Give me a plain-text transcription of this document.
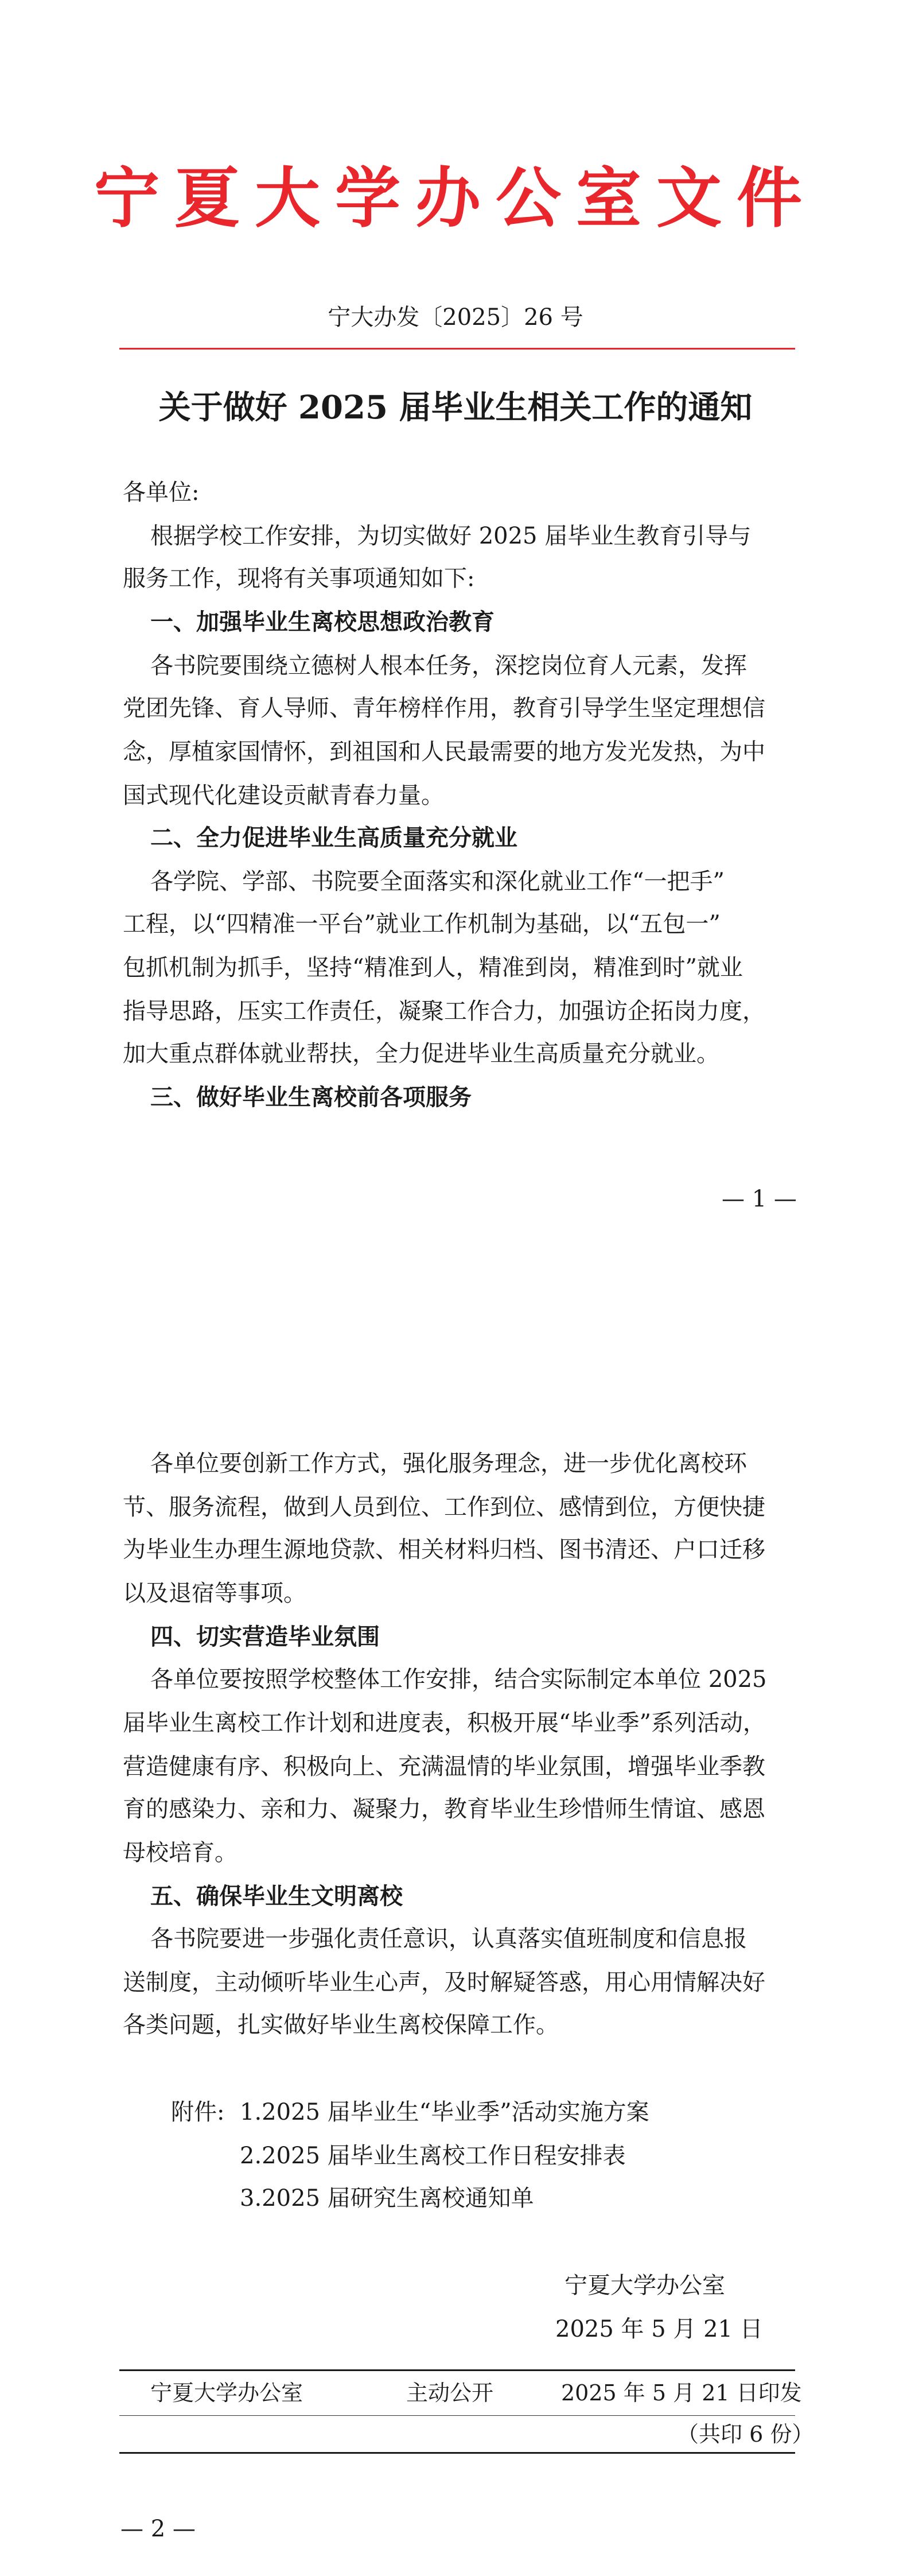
宁夏大学办公室文件
宁大办发〔2025〕26 号
关于做好 2025 届毕业生相关工作的通知
各单位:
根据学校工作安排，为切实做好 2025 届毕业生教育引导与
服务工作，现将有关事项通知如下:
一、加强毕业生离校思想政治教育
各书院要围绕立德树人根本任务，深挖岗位育人元素，发挥
党团先锋、育人导师、青年榜样作用，教育引导学生坚定理想信
念，厚植家国情怀，到祖国和人民最需要的地方发光发热，为中
国式现代化建设贡献青春力量。
二、全力促进毕业生高质量充分就业
各学院、学部、书院要全面落实和深化就业工作“一把手”
工程，以“四精准一平台”就业工作机制为基础，以“五包一”
包抓机制为抓手，坚持“精准到人，精准到岗，精准到时”就业
指导思路，压实工作责任，凝聚工作合力，加强访企拓岗力度，
加大重点群体就业帮扶，全力促进毕业生高质量充分就业。
三、做好毕业生离校前各项服务
— 1 —
各单位要创新工作方式，强化服务理念，进一步优化离校环
节、服务流程，做到人员到位、工作到位、感情到位，方便快捷
为毕业生办理生源地贷款、相关材料归档、图书清还、户口迁移
以及退宿等事项。
四、切实营造毕业氛围
各单位要按照学校整体工作安排，结合实际制定本单位 2025
届毕业生离校工作计划和进度表，积极开展“毕业季”系列活动，
营造健康有序、积极向上、充满温情的毕业氛围，增强毕业季教
育的感染力、亲和力、凝聚力，教育毕业生珍惜师生情谊、感恩
母校培育。
五、确保毕业生文明离校
各书院要进一步强化责任意识，认真落实值班制度和信息报
送制度，主动倾听毕业生心声，及时解疑答惑，用心用情解决好
各类问题，扎实做好毕业生离校保障工作。
附件: 1.2025 届毕业生“毕业季”活动实施方案
2.2025 届毕业生离校工作日程安排表
3.2025 届研究生离校通知单
宁夏大学办公室
2025 年 5 月 21 日
宁夏大学办公室	主动公开	2025 年 5 月 21 日印发
（共印 6 份）
— 2 —
